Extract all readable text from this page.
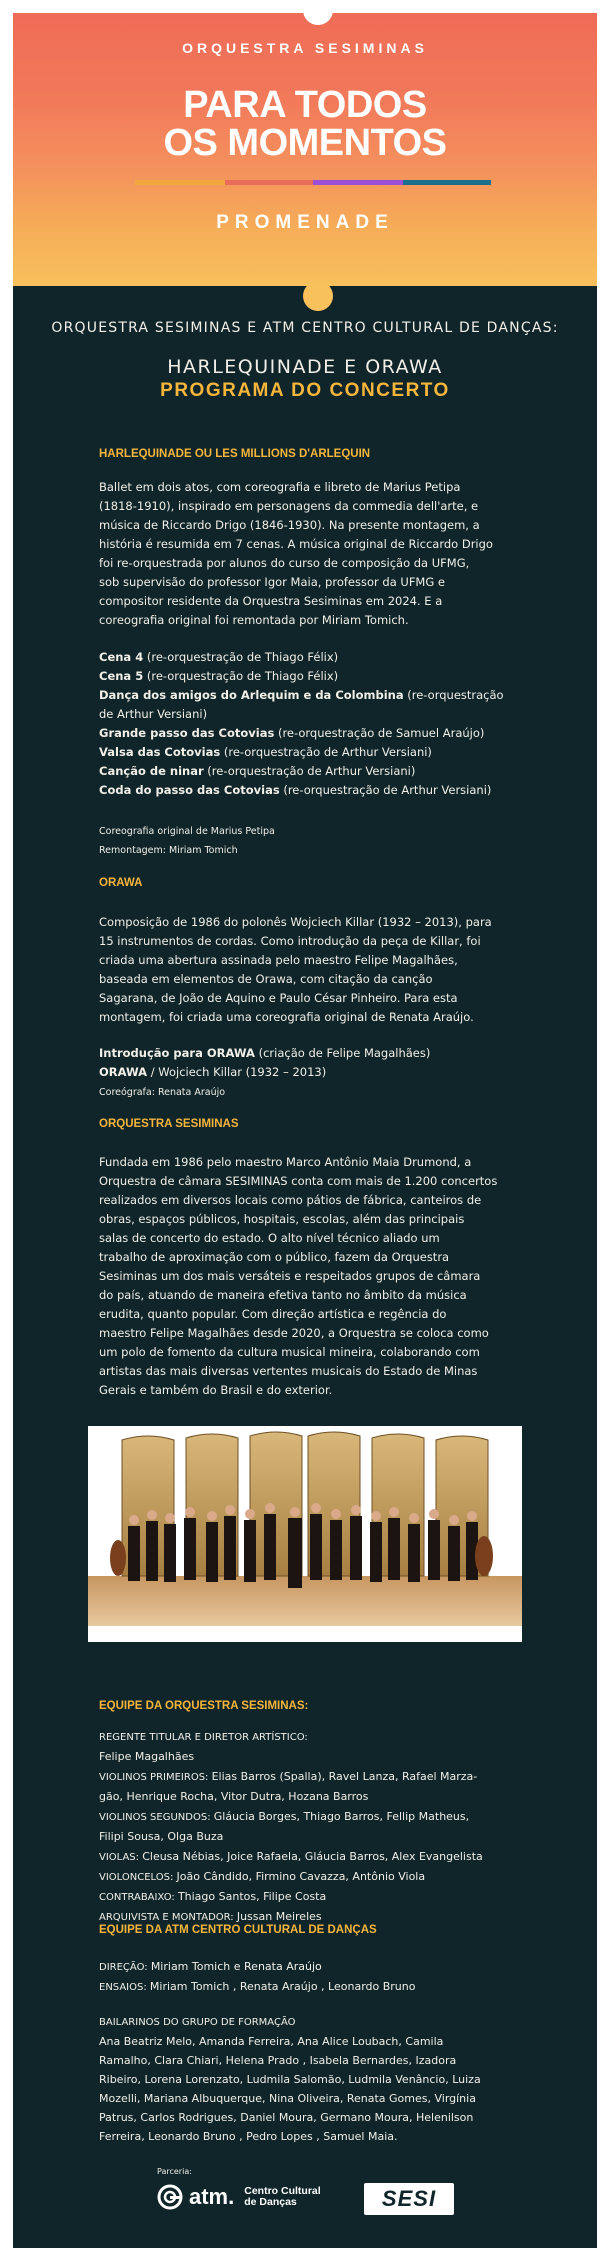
ORQUESTRA SESIMINAS
PARA TODOS
OS MOMENTOS
PROMENADE
ORQUESTRA SESIMINAS E ATM CENTRO CULTURAL DE DANÇAS:
HARLEQUINADE E ORAWA
PROGRAMA DO CONCERTO
HARLEQUINADE OU LES MILLIONS D'ARLEQUIN
Ballet em dois atos, com coreografia e libreto de Marius Petipa
(1818-1910), inspirado em personagens da commedia dell'arte, e
música de Riccardo Drigo (1846-1930). Na presente montagem, a
história é resumida em 7 cenas. A música original de Riccardo Drigo
foi re-orquestrada por alunos do curso de composição da UFMG,
sob supervisão do professor Igor Maia, professor da UFMG e
compositor residente da Orquestra Sesiminas em 2024. E a
coreografia original foi remontada por Miriam Tomich.
Cena 4 (re-orquestração de Thiago Félix)
Cena 5 (re-orquestração de Thiago Félix)
Dança dos amigos do Arlequim e da Colombina (re-orquestração
de Arthur Versiani)
Grande passo das Cotovias (re-orquestração de Samuel Araújo)
Valsa das Cotovias (re-orquestração de Arthur Versiani)
Canção de ninar (re-orquestração de Arthur Versiani)
Coda do passo das Cotovias (re-orquestração de Arthur Versiani)
Coreografia original de Marius Petipa
Remontagem: Miriam Tomich
ORAWA
Composição de 1986 do polonês Wojciech Killar (1932 – 2013), para
15 instrumentos de cordas. Como introdução da peça de Killar, foi
criada uma abertura assinada pelo maestro Felipe Magalhães,
baseada em elementos de Orawa, com citação da canção
Sagarana, de João de Aquino e Paulo César Pinheiro. Para esta
montagem, foi criada uma coreografia original de Renata Araújo.
Introdução para ORAWA (criação de Felipe Magalhães)
ORAWA / Wojciech Killar (1932 – 2013)
Coreógrafa: Renata Araújo
ORQUESTRA SESIMINAS
Fundada em 1986 pelo maestro Marco Antônio Maia Drumond, a
Orquestra de câmara SESIMINAS conta com mais de 1.200 concertos
realizados em diversos locais como pátios de fábrica, canteiros de
obras, espaços públicos, hospitais, escolas, além das principais
salas de concerto do estado. O alto nível técnico aliado um
trabalho de aproximação com o público, fazem da Orquestra
Sesiminas um dos mais versáteis e respeitados grupos de câmara
do país, atuando de maneira efetiva tanto no âmbito da música
erudita, quanto popular. Com direção artística e regência do
maestro Felipe Magalhães desde 2020, a Orquestra se coloca como
um polo de fomento da cultura musical mineira, colaborando com
artistas das mais diversas vertentes musicais do Estado de Minas
Gerais e também do Brasil e do exterior.
EQUIPE DA ORQUESTRA SESIMINAS:
REGENTE TITULAR E DIRETOR ARTÍSTICO:
Felipe Magalhães
VIOLINOS PRIMEIROS: Elias Barros (Spalla), Ravel Lanza, Rafael Marza-
gão, Henrique Rocha, Vitor Dutra, Hozana Barros
VIOLINOS SEGUNDOS: Gláucia Borges, Thiago Barros, Fellip Matheus,
Filipi Sousa, Olga Buza
VIOLAS: Cleusa Nébias, Joice Rafaela, Gláucia Barros, Alex Evangelista
VIOLONCELOS: João Cândido, Firmino Cavazza, Antônio Viola
CONTRABAIXO: Thiago Santos, Filipe Costa
ARQUIVISTA E MONTADOR: Jussan Meireles
EQUIPE DA ATM CENTRO CULTURAL DE DANÇAS
DIREÇÃO: Miriam Tomich e Renata Araújo
ENSAIOS: Miriam Tomich , Renata Araújo , Leonardo Bruno
BAILARINOS DO GRUPO DE FORMAÇÃO
Ana Beatriz Melo, Amanda Ferreira, Ana Alice Loubach, Camila
Ramalho, Clara Chiari, Helena Prado , Isabela Bernardes, Izadora
Ribeiro, Lorena Lorenzato, Ludmila Salomão, Ludmila Venâncio, Luiza
Mozelli, Mariana Albuquerque, Nina Oliveira, Renata Gomes, Virgínia
Patrus, Carlos Rodrigues, Daniel Moura, Germano Moura, Helenilson
Ferreira, Leonardo Bruno , Pedro Lopes , Samuel Maia.
Parceria:
atm. Centro Cultural
de Danças	SESI
